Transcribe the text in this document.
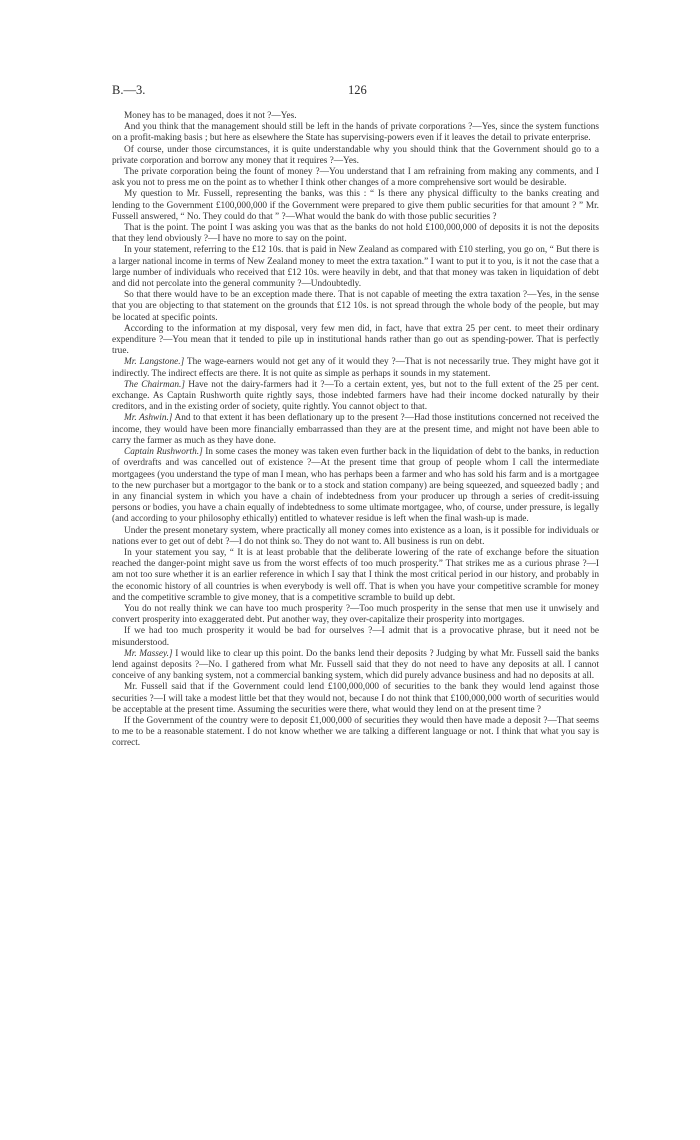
B.—3.	126

Money has to be managed, does it not ?—Yes.

And you think that the management should still be left in the hands of private corporations ?—Yes, since the system functions on a profit-making basis ; but here as elsewhere the State has supervising-powers even if it leaves the detail to private enterprise.

Of course, under those circumstances, it is quite understandable why you should think that the Government should go to a private corporation and borrow any money that it requires ?—Yes.

The private corporation being the fount of money ?—You understand that I am refraining from making any comments, and I ask you not to press me on the point as to whether I think other changes of a more comprehensive sort would be desirable.

My question to Mr. Fussell, representing the banks, was this : “ Is there any physical difficulty to the banks creating and lending to the Government £100,000,000 if the Government were prepared to give them public securities for that amount ? ” Mr. Fussell answered, “ No. They could do that ” ?—What would the bank do with those public securities ?

That is the point. The point I was asking you was that as the banks do not hold £100,000,000 of deposits it is not the deposits that they lend obviously ?—I have no more to say on the point.

In your statement, referring to the £12 10s. that is paid in New Zealand as compared with £10 sterling, you go on, “ But there is a larger national income in terms of New Zealand money to meet the extra taxation.” I want to put it to you, is it not the case that a large number of individuals who received that £12 10s. were heavily in debt, and that that money was taken in liquidation of debt and did not percolate into the general community ?—Undoubtedly.

So that there would have to be an exception made there. That is not capable of meeting the extra taxation ?—Yes, in the sense that you are objecting to that statement on the grounds that £12 10s. is not spread through the whole body of the people, but may be located at specific points.

According to the information at my disposal, very few men did, in fact, have that extra 25 per cent. to meet their ordinary expenditure ?—You mean that it tended to pile up in institutional hands rather than go out as spending-power. That is perfectly true.

Mr. Langstone.] The wage-earners would not get any of it would they ?—That is not necessarily true. They might have got it indirectly. The indirect effects are there. It is not quite as simple as perhaps it sounds in my statement.

The Chairman.] Have not the dairy-farmers had it ?—To a certain extent, yes, but not to the full extent of the 25 per cent. exchange. As Captain Rushworth quite rightly says, those indebted farmers have had their income docked naturally by their creditors, and in the existing order of society, quite rightly. You cannot object to that.

Mr. Ashwin.] And to that extent it has been deflationary up to the present ?—Had those institutions concerned not received the income, they would have been more financially embarrassed than they are at the present time, and might not have been able to carry the farmer as much as they have done.

Captain Rushworth.] In some cases the money was taken even further back in the liquidation of debt to the banks, in reduction of overdrafts and was cancelled out of existence ?—At the present time that group of people whom I call the intermediate mortgagees (you understand the type of man I mean, who has perhaps been a farmer and who has sold his farm and is a mortgagee to the new purchaser but a mortgagor to the bank or to a stock and station company) are being squeezed, and squeezed badly ; and in any financial system in which you have a chain of indebtedness from your producer up through a series of credit-issuing persons or bodies, you have a chain equally of indebtedness to some ultimate mortgagee, who, of course, under pressure, is legally (and according to your philosophy ethically) entitled to whatever residue is left when the final wash-up is made.

Under the present monetary system, where practically all money comes into existence as a loan, is it possible for individuals or nations ever to get out of debt ?—I do not think so. They do not want to. All business is run on debt.

In your statement you say, “ It is at least probable that the deliberate lowering of the rate of exchange before the situation reached the danger-point might save us from the worst effects of too much prosperity.” That strikes me as a curious phrase ?—I am not too sure whether it is an earlier reference in which I say that I think the most critical period in our history, and probably in the economic history of all countries is when everybody is well off. That is when you have your competitive scramble for money and the competitive scramble to give money, that is a competitive scramble to build up debt.

You do not really think we can have too much prosperity ?—Too much prosperity in the sense that men use it unwisely and convert prosperity into exaggerated debt. Put another way, they over-capitalize their prosperity into mortgages.

If we had too much prosperity it would be bad for ourselves ?—I admit that is a provocative phrase, but it need not be misunderstood.

Mr. Massey.] I would like to clear up this point. Do the banks lend their deposits ? Judging by what Mr. Fussell said the banks lend against deposits ?—No. I gathered from what Mr. Fussell said that they do not need to have any deposits at all. I cannot conceive of any banking system, not a commercial banking system, which did purely advance business and had no deposits at all.

Mr. Fussell said that if the Government could lend £100,000,000 of securities to the bank they would lend against those securities ?—I will take a modest little bet that they would not, because I do not think that £100,000,000 worth of securities would be acceptable at the present time. Assuming the securities were there, what would they lend on at the present time ?

If the Government of the country were to deposit £1,000,000 of securities they would then have made a deposit ?—That seems to me to be a reasonable statement. I do not know whether we are talking a different language or not. I think that what you say is correct.
